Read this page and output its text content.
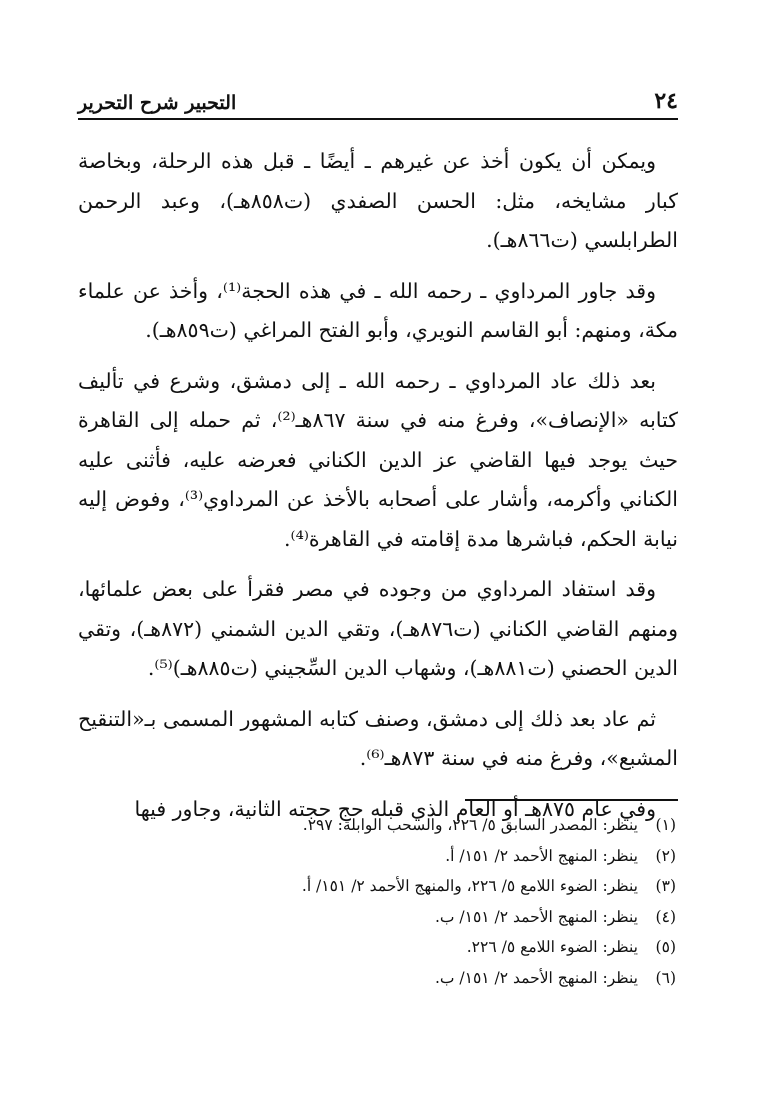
٢٤
التحبير شرح التحرير

ويمكن أن يكون أخذ عن غيرهم ـ أيضًا ـ قبل هذه الرحلة، وبخاصة كبار مشايخه، مثل: الحسن الصفدي (ت٨٥٨هـ)، وعبد الرحمن الطرابلسي (ت٨٦٦هـ).

وقد جاور المرداوي ـ رحمه الله ـ في هذه الحجة⁽¹⁾، وأخذ عن علماء مكة، ومنهم: أبو القاسم النويري، وأبو الفتح المراغي (ت٨٥٩هـ).

بعد ذلك عاد المرداوي ـ رحمه الله ـ إلى دمشق، وشرع في تأليف كتابه «الإنصاف»، وفرغ منه في سنة ٨٦٧هـ⁽²⁾، ثم حمله إلى القاهرة حيث يوجد فيها القاضي عز الدين الكناني فعرضه عليه، فأثنى عليه الكناني وأكرمه، وأشار على أصحابه بالأخذ عن المرداوي⁽³⁾، وفوض إليه نيابة الحكم، فباشرها مدة إقامته في القاهرة⁽⁴⁾.

وقد استفاد المرداوي من وجوده في مصر فقرأ على بعض علمائها، ومنهم القاضي الكناني (ت٨٧٦هـ)، وتقي الدين الشمني (٨٧٢هـ)، وتقي الدين الحصني (ت٨٨١هـ)، وشهاب الدين السِّجيني (ت٨٨٥هـ)⁽⁵⁾.

ثم عاد بعد ذلك إلى دمشق، وصنف كتابه المشهور المسمى بـ«التنقيح المشبع»، وفرغ منه في سنة ٨٧٣هـ⁽⁶⁾.

وفي عام ٨٧٥هـ أو العام الذي قبله حج حجته الثانية، وجاور فيها

(١)ينظر: المصدر السابق ٥/ ٢٢٦، والسحب الوابلة: ٢٩٧.
(٢)ينظر: المنهج الأحمد ٢/ ١٥١/ أ.
(٣)ينظر: الضوء اللامع ٥/ ٢٢٦، والمنهج الأحمد ٢/ ١٥١/ أ.
(٤)ينظر: المنهج الأحمد ٢/ ١٥١/ ب.
(٥)ينظر: الضوء اللامع ٥/ ٢٢٦.
(٦)ينظر: المنهج الأحمد ٢/ ١٥١/ ب.
